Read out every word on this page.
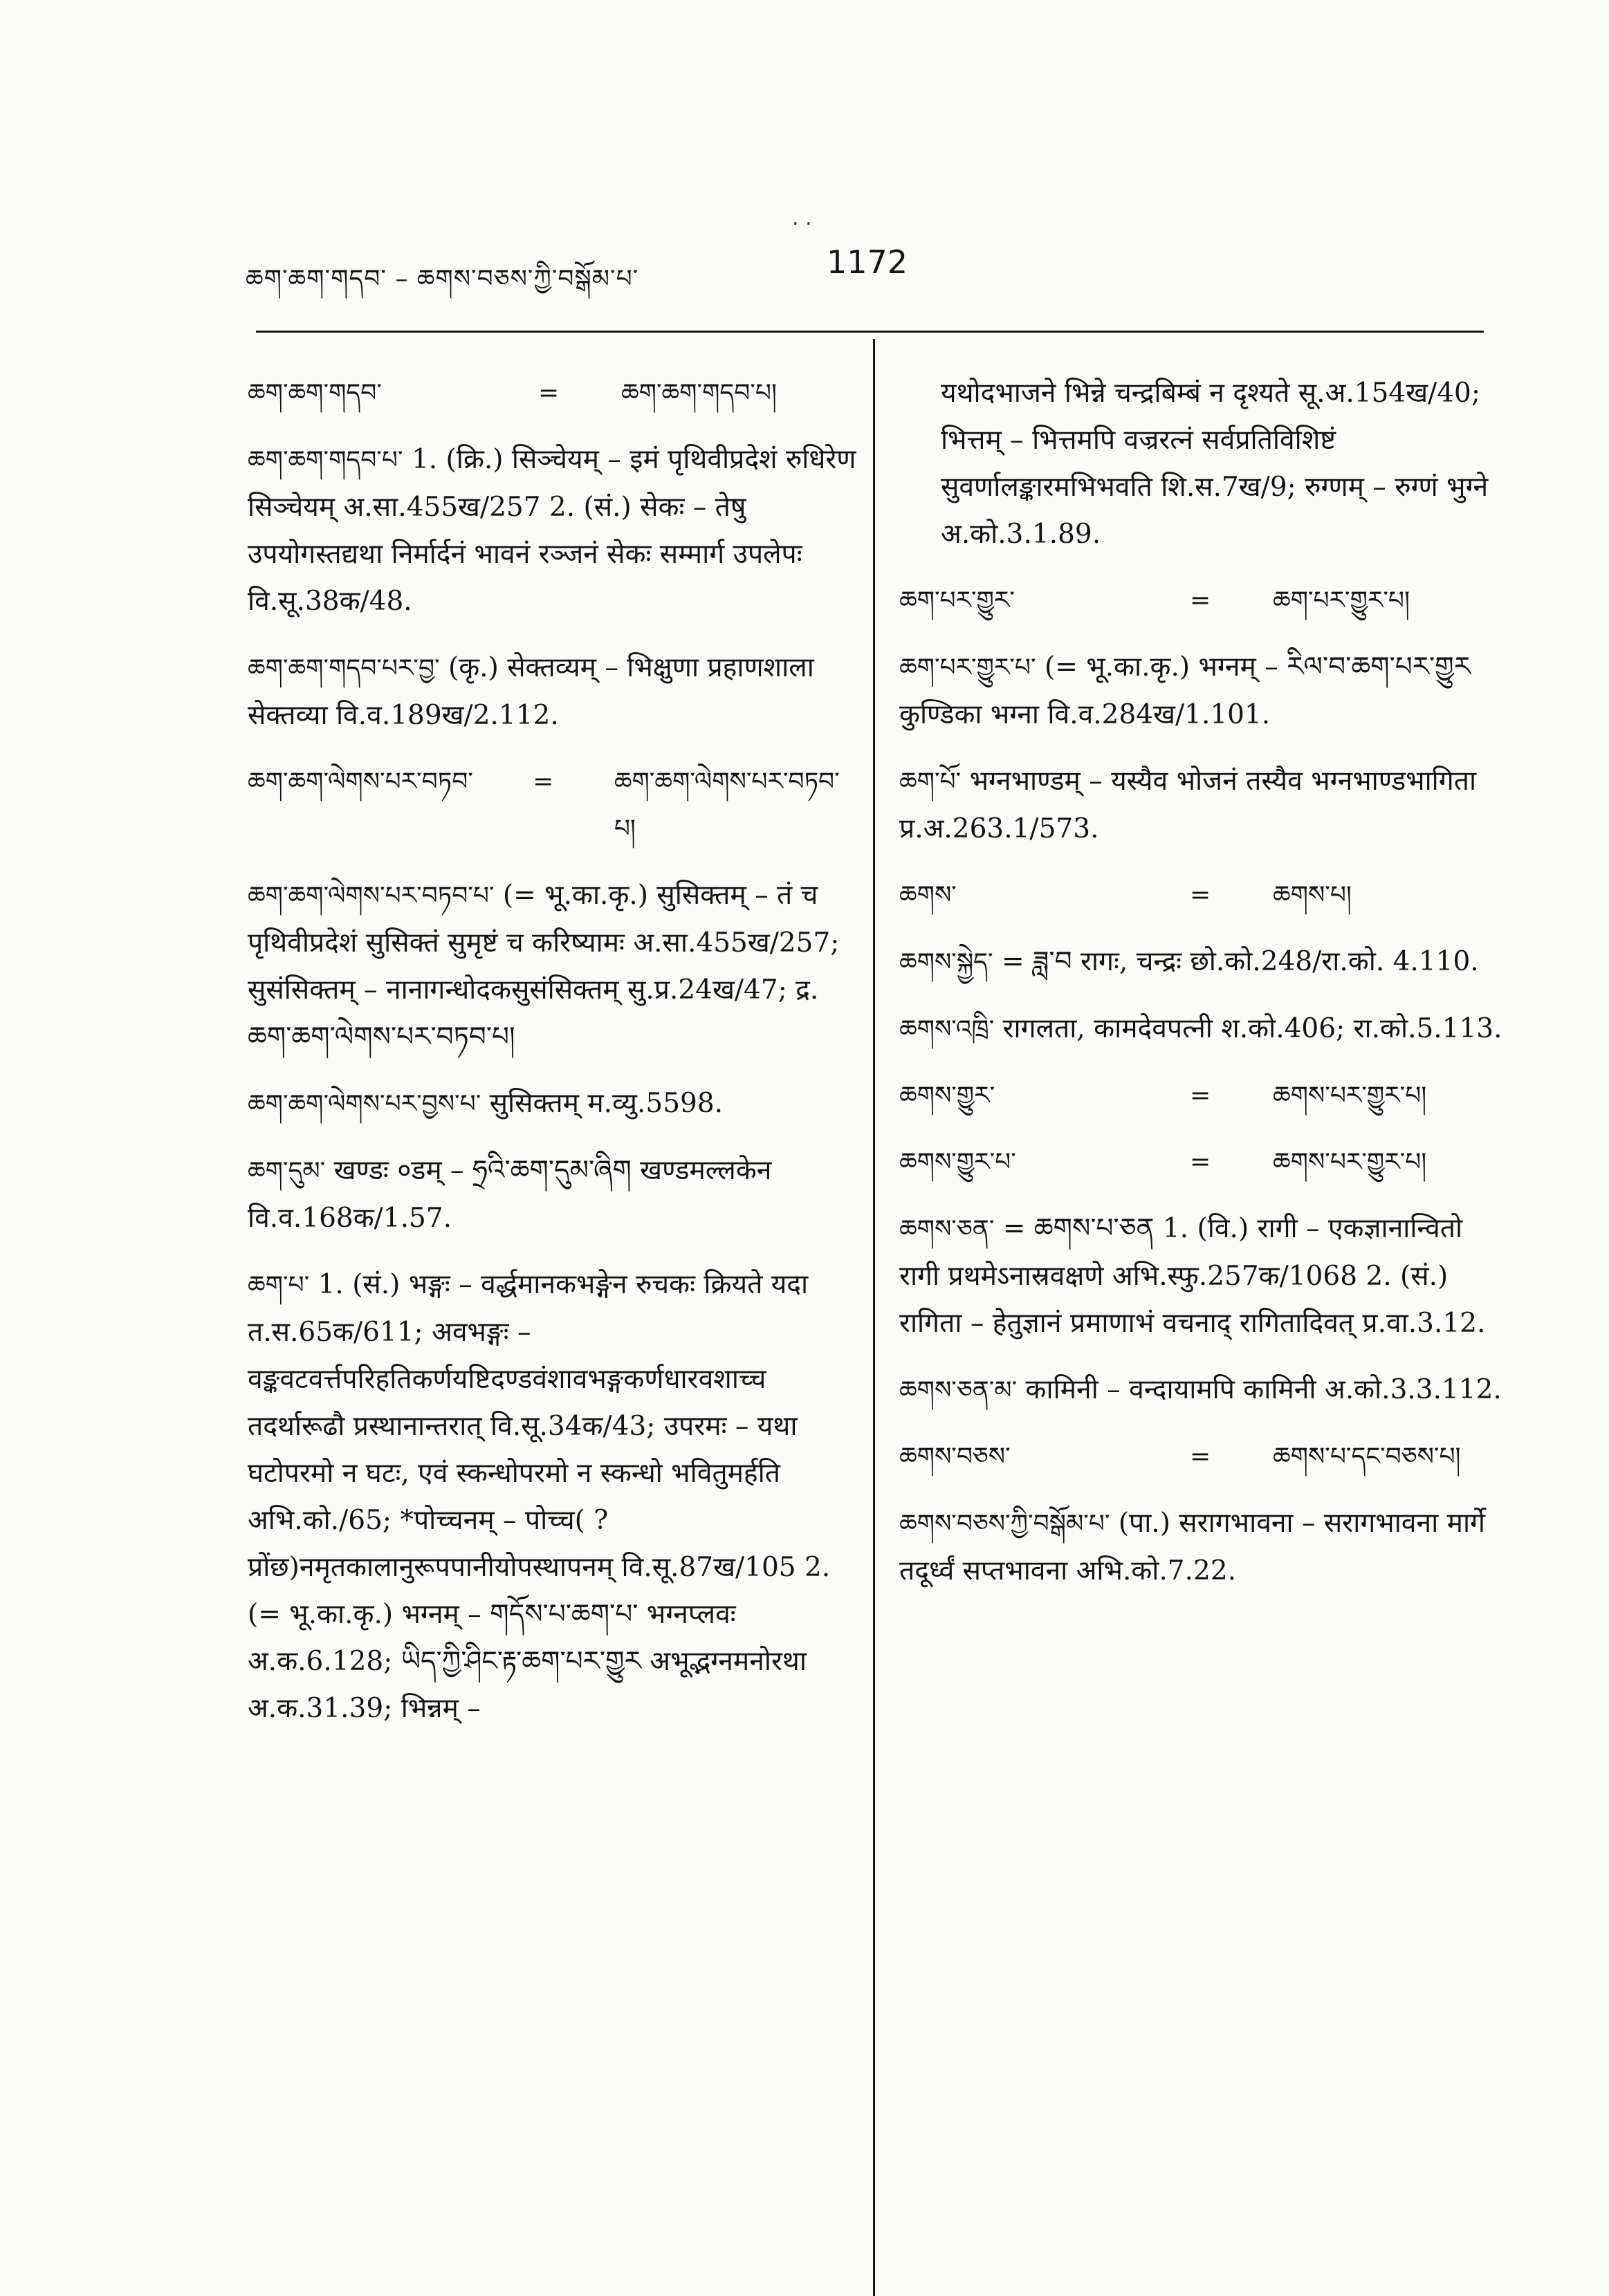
ཆག་ཆག་གདབ་ – ཆགས་བཅས་ཀྱི་བསྒོམ་པ་	1172
. .
ཆག་ཆག་གདབ་	=	ཆག་ཆག་གདབ་པ།
ཆག་ཆག་གདབ་པ་ 1. (क्रि.) सिञ्चेयम् – इमं पृथिवीप्रदेशं रुधिरेण सिञ्चेयम् अ.सा.455ख/257 2. (सं.) सेकः – तेषु उपयोगस्तद्यथा निर्मार्दनं भावनं रञ्जनं सेकः सम्मार्ग उपलेपः वि.सू.38क/48.
ཆག་ཆག་གདབ་པར་བྱ་ (कृ.) सेक्तव्यम् – भिक्षुणा प्रहाणशाला सेक्तव्या वि.व.189ख/2.112.
ཆག་ཆག་ལེགས་པར་བཏབ་	=	ཆག་ཆག་ལེགས་པར་བཏབ་པ།
ཆག་ཆག་ལེགས་པར་བཏབ་པ་ (= भू.का.कृ.) सुसिक्तम् – तं च पृथिवीप्रदेशं सुसिक्तं सुमृष्टं च करिष्यामः अ.सा.455ख/257; सुसंसिक्तम् – नानागन्धोदकसुसंसिक्तम् सु.प्र.24ख/47; द्र. ཆག་ཆག་ལེགས་པར་བཏབ་པ།
ཆག་ཆག་ལེགས་པར་བྱས་པ་ सुसिक्तम् म.व्यु.5598.
ཆག་དུམ་ खण्डः ०डम् – ཧྲའི་ཆག་དུམ་ཞིག खण्डमल्लकेन वि.व.168क/1.57.
ཆག་པ་ 1. (सं.) भङ्गः – वर्द्धमानकभङ्गेन रुचकः क्रियते यदा त.स.65क/611; अवभङ्गः – वङ्कवटवर्त्तपरिहतिकर्णयष्टिदण्डवंशावभङ्गकर्णधारवशाच्च तदर्थारूढौ प्रस्थानान्तरात् वि.सू.34क/43; उपरमः – यथा घटोपरमो न घटः, एवं स्कन्धोपरमो न स्कन्धो भवितुमर्हति अभि.को./65; *पोच्चनम् – पोच्च( ?प्रोंछ)नमृतकालानुरूपपानीयोपस्थापनम् वि.सू.87ख/105 2. (= भू.का.कृ.) भग्नम् – གདོས་པ་ཆག་པ་ भग्नप्लवः अ.क.6.128; ཡིད་ཀྱི་ཤིང་རྟ་ཆག་པར་གྱུར अभूद्भग्नमनोरथा अ.क.31.39; भिन्नम् –
यथोदभाजने भिन्ने चन्द्रबिम्बं न दृश्यते सू.अ.154ख/40; भित्तम् – भित्तमपि वज्ररत्नं सर्वप्रतिविशिष्टं सुवर्णालङ्कारमभिभवति शि.स.7ख/9; रुग्णम् – रुग्णं भुग्ने अ.को.3.1.89.
ཆག་པར་གྱུར་	=	ཆག་པར་གྱུར་པ།
ཆག་པར་གྱུར་པ་ (= भू.का.कृ.) भग्नम् – རིལ་བ་ཆག་པར་གྱུར कुण्डिका भग्ना वि.व.284ख/1.101.
ཆག་པོ་ भग्नभाण्डम् – यस्यैव भोजनं तस्यैव भग्नभाण्डभागिता प्र.अ.263.1/573.
ཆགས་	=	ཆགས་པ།
ཆགས་སྐྱེད་ = ཟླ་བ रागः, चन्द्रः छो.को.248/रा.को. 4.110.
ཆགས་འཁྲི་ रागलता, कामदेवपत्नी श.को.406; रा.को.5.113.
ཆགས་གྱུར་	=	ཆགས་པར་གྱུར་པ།
ཆགས་གྱུར་པ་	=	ཆགས་པར་གྱུར་པ།
ཆགས་ཅན་ = ཆགས་པ་ཅན 1. (वि.) रागी – एकज्ञानान्वितो रागी प्रथमेऽनास्रवक्षणे अभि.स्फु.257क/1068 2. (सं.) रागिता – हेतुज्ञानं प्रमाणाभं वचनाद् रागितादिवत् प्र.वा.3.12.
ཆགས་ཅན་མ་ कामिनी – वन्दायामपि कामिनी अ.को.3.3.112.
ཆགས་བཅས་	=	ཆགས་པ་དང་བཅས་པ།
ཆགས་བཅས་ཀྱི་བསྒོམ་པ་ (पा.) सरागभावना – सरागभावना मार्गे तदूर्ध्वं सप्तभावना अभि.को.7.22.
